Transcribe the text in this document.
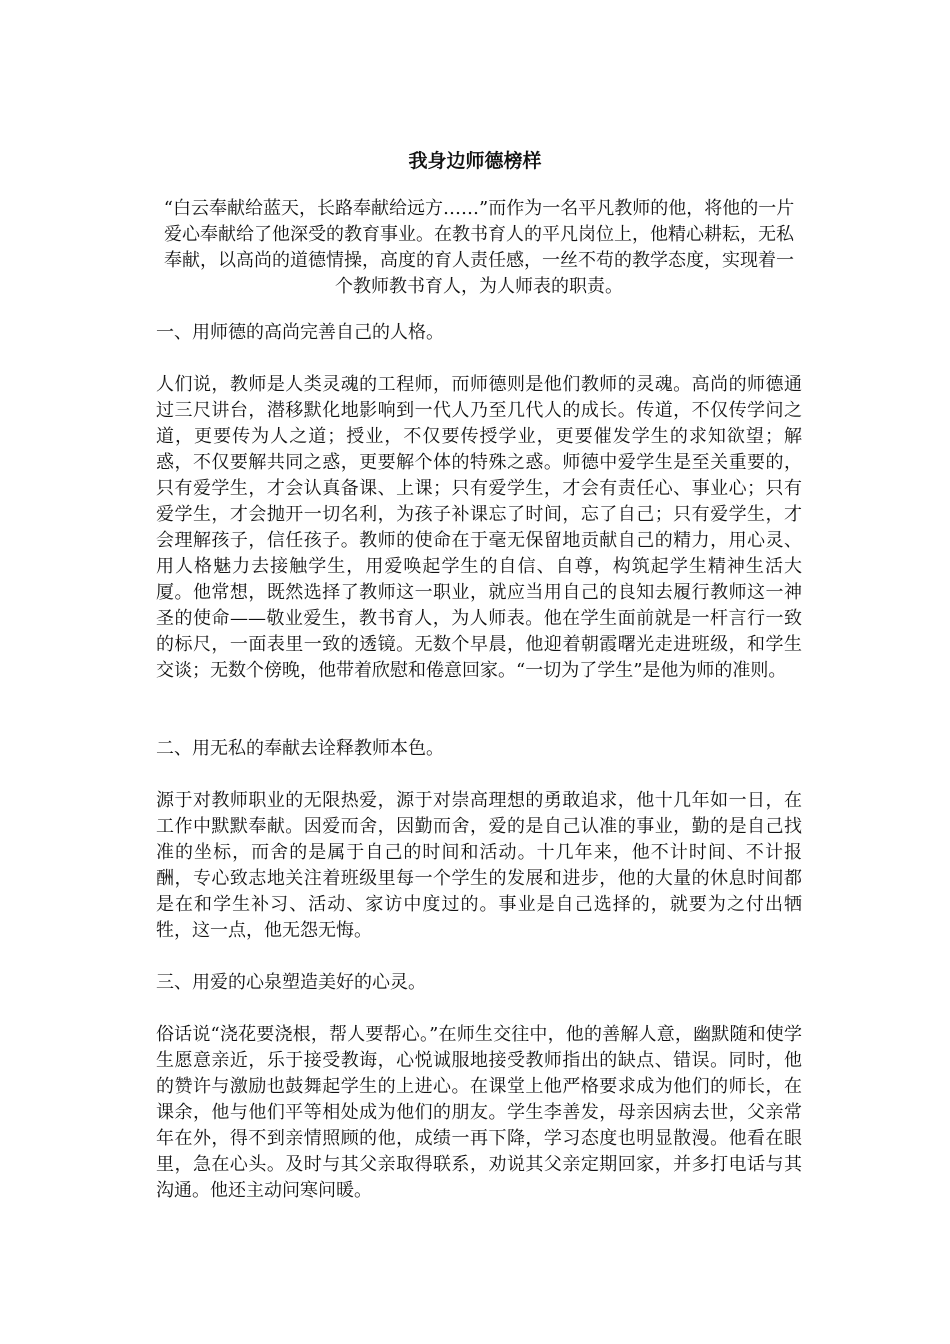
我身边师德榜样
“白云奉献给蓝天，长路奉献给远方……”而作为一名平凡教师的他，将他的一片爱心奉献给了他深受的教育事业。在教书育人的平凡岗位上，他精心耕耘，无私奉献，以高尚的道德情操，高度的育人责任感，一丝不苟的教学态度，实现着一个教师教书育人，为人师表的职责。
一、用师德的高尚完善自己的人格。
人们说，教师是人类灵魂的工程师，而师德则是他们教师的灵魂。高尚的师德通过三尺讲台，潜移默化地影响到一代人乃至几代人的成长。传道，不仅传学问之道，更要传为人之道；授业，不仅要传授学业，更要催发学生的求知欲望；解惑，不仅要解共同之惑，更要解个体的特殊之惑。师德中爱学生是至关重要的，只有爱学生，才会认真备课、上课；只有爱学生，才会有责任心、事业心；只有爱学生，才会抛开一切名利，为孩子补课忘了时间，忘了自己；只有爱学生，才会理解孩子，信任孩子。教师的使命在于毫无保留地贡献自己的精力，用心灵、用人格魅力去接触学生，用爱唤起学生的自信、自尊，构筑起学生精神生活大厦。他常想，既然选择了教师这一职业，就应当用自己的良知去履行教师这一神圣的使命——敬业爱生，教书育人，为人师表。他在学生面前就是一杆言行一致的标尺，一面表里一致的透镜。无数个早晨，他迎着朝霞曙光走进班级，和学生交谈；无数个傍晚，他带着欣慰和倦意回家。“一切为了学生”是他为师的准则。
二、用无私的奉献去诠释教师本色。
源于对教师职业的无限热爱，源于对崇高理想的勇敢追求，他十几年如一日，在工作中默默奉献。因爱而舍，因勤而舍，爱的是自己认准的事业，勤的是自己找准的坐标，而舍的是属于自己的时间和活动。十几年来，他不计时间、不计报酬，专心致志地关注着班级里每一个学生的发展和进步，他的大量的休息时间都是在和学生补习、活动、家访中度过的。事业是自己选择的，就要为之付出牺牲，这一点，他无怨无悔。
三、用爱的心泉塑造美好的心灵。
俗话说“浇花要浇根，帮人要帮心。”在师生交往中，他的善解人意，幽默随和使学生愿意亲近，乐于接受教诲，心悦诚服地接受教师指出的缺点、错误。同时，他的赞许与激励也鼓舞起学生的上进心。在课堂上他严格要求成为他们的师长，在课余，他与他们平等相处成为他们的朋友。学生李善发，母亲因病去世，父亲常年在外，得不到亲情照顾的他，成绩一再下降，学习态度也明显散漫。他看在眼里，急在心头。及时与其父亲取得联系，劝说其父亲定期回家，并多打电话与其沟通。他还主动问寒问暖。
